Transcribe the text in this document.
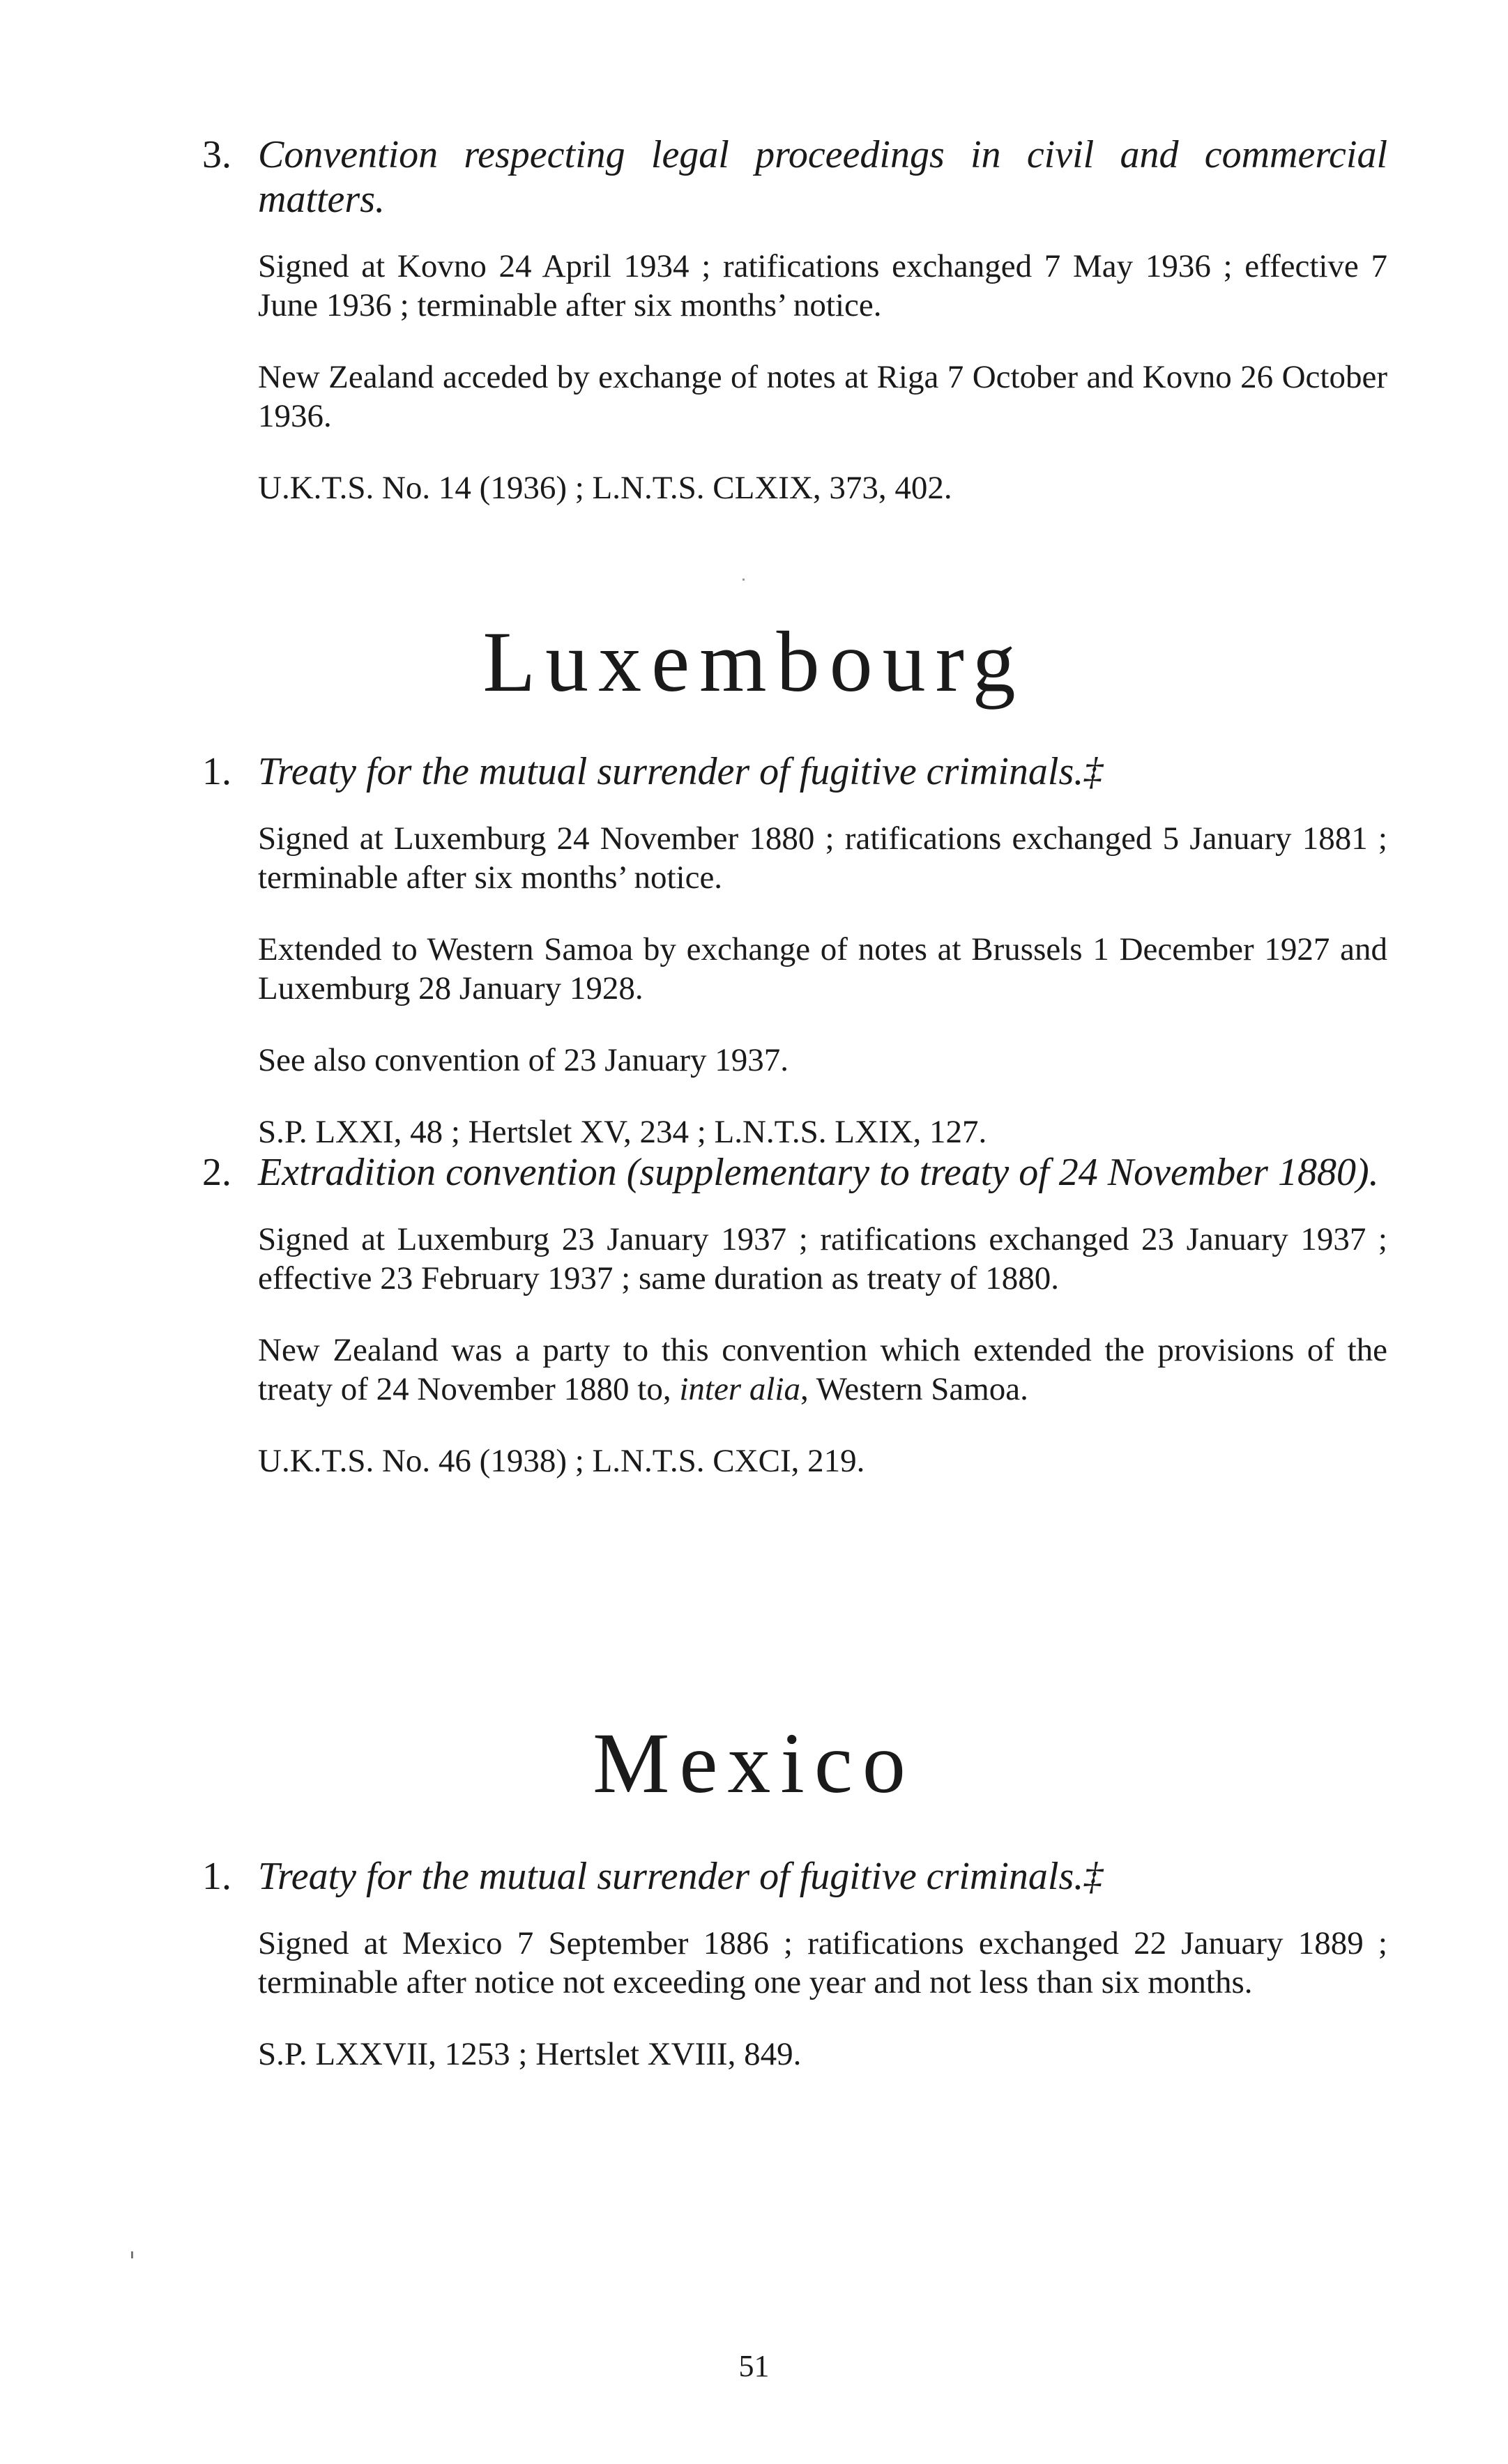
3. Convention respecting legal proceedings in civil and commercial matters.

Signed at Kovno 24 April 1934 ; ratifications exchanged 7 May 1936 ; effective 7 June 1936 ; terminable after six months’ notice.

New Zealand acceded by exchange of notes at Riga 7 October and Kovno 26 October 1936.

U.K.T.S. No. 14 (1936) ; L.N.T.S. CLXIX, 373, 402.

Luxembourg
1. Treaty for the mutual surrender of fugitive criminals.‡

Signed at Luxemburg 24 November 1880 ; ratifications exchanged 5 January 1881 ; terminable after six months’ notice.

Extended to Western Samoa by exchange of notes at Brussels 1 December 1927 and Luxemburg 28 January 1928.

See also convention of 23 January 1937.

S.P. LXXI, 48 ; Hertslet XV, 234 ; L.N.T.S. LXIX, 127.

2. Extradition convention (supplementary to treaty of 24 November 1880).

Signed at Luxemburg 23 January 1937 ; ratifications exchanged 23 January 1937 ; effective 23 February 1937 ; same duration as treaty of 1880.

New Zealand was a party to this convention which extended the provisions of the treaty of 24 November 1880 to, inter alia, Western Samoa.

U.K.T.S. No. 46 (1938) ; L.N.T.S. CXCI, 219.

Mexico
1. Treaty for the mutual surrender of fugitive criminals.‡

Signed at Mexico 7 September 1886 ; ratifications exchanged 22 January 1889 ; terminable after notice not exceeding one year and not less than six months.

S.P. LXXVII, 1253 ; Hertslet XVIII, 849.

51
